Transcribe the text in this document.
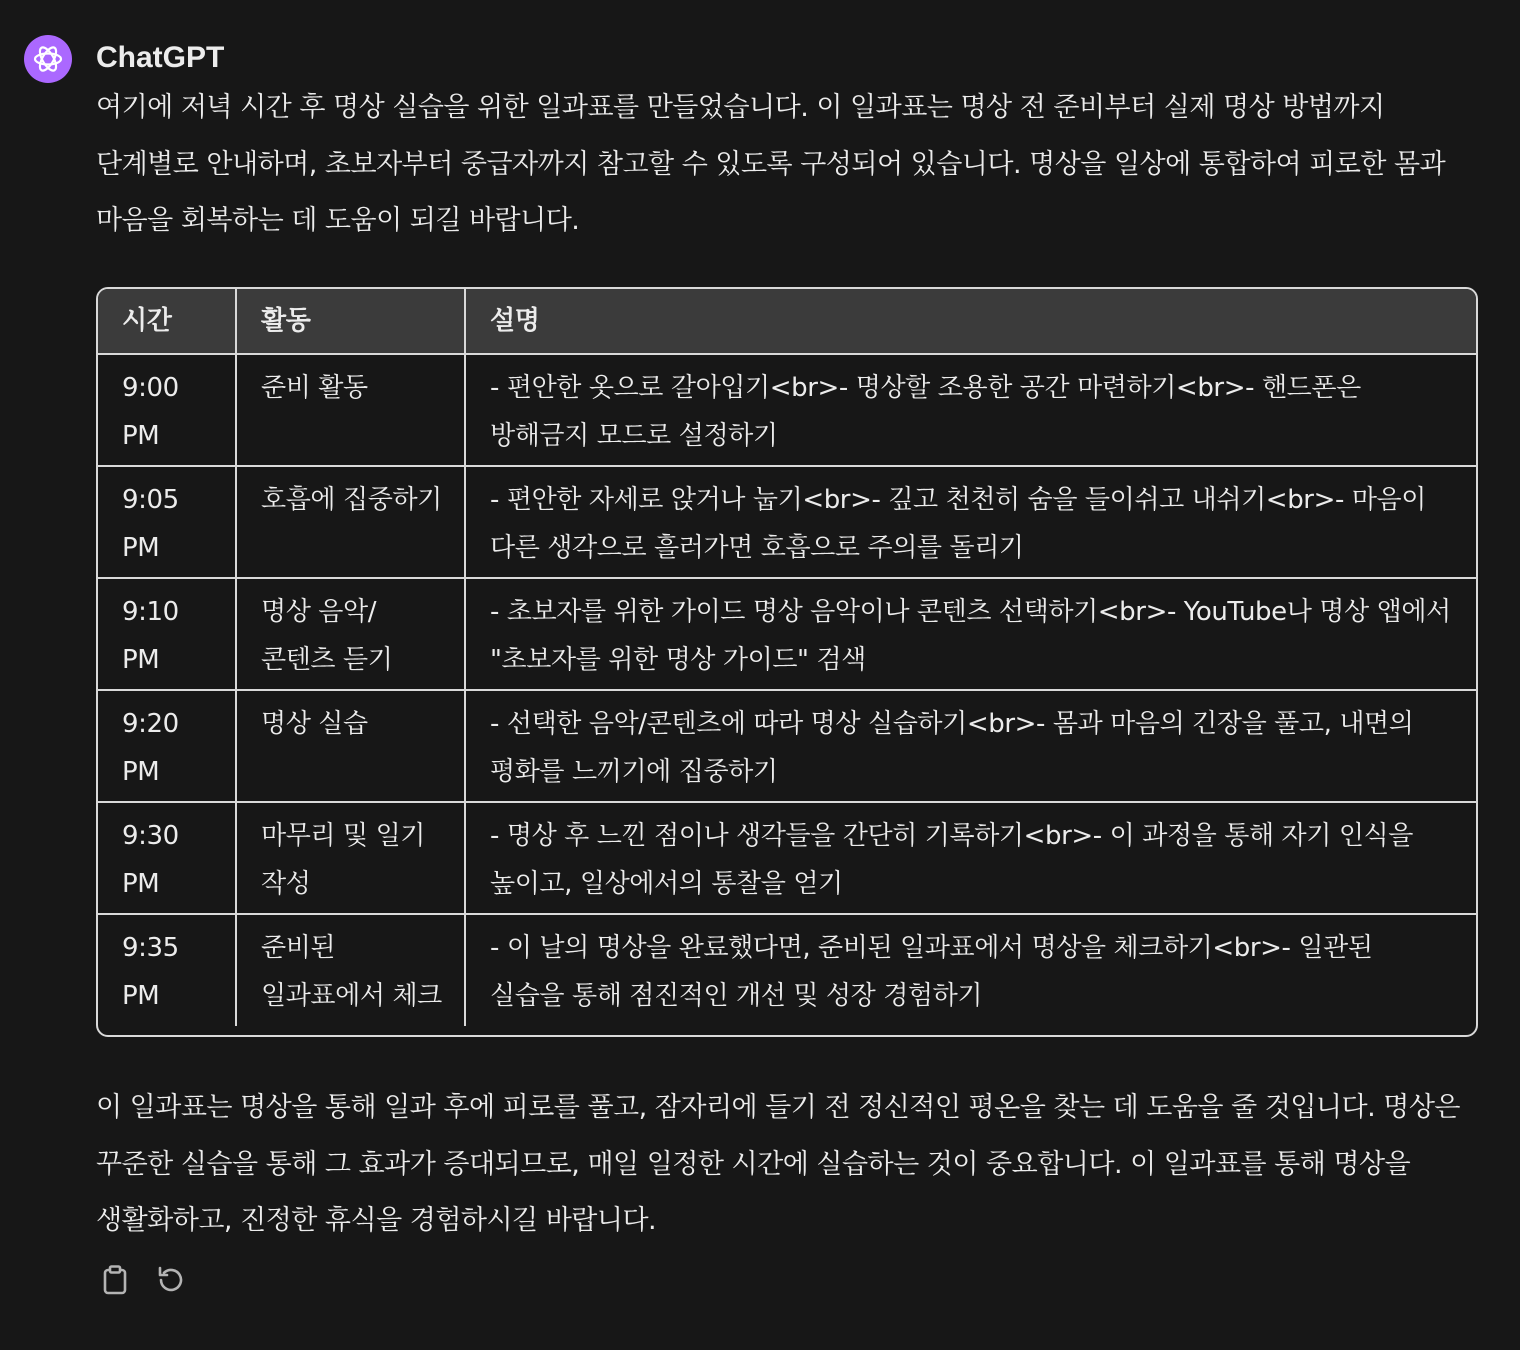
ChatGPT
여기에 저녁 시간 후 명상 실습을 위한 일과표를 만들었습니다. 이 일과표는 명상 전 준비부터 실제 명상 방법까지 단계별로 안내하며, 초보자부터 중급자까지 참고할 수 있도록 구성되어 있습니다. 명상을 일상에 통합하여 피로한 몸과 마음을 회복하는 데 도움이 되길 바랍니다.
시간	활동	설명
9:00 PM	준비 활동	- 편안한 옷으로 갈아입기<br>- 명상할 조용한 공간 마련하기<br>- 핸드폰은 방해금지 모드로 설정하기
9:05 PM	호흡에 집중하기	- 편안한 자세로 앉거나 눕기<br>- 깊고 천천히 숨을 들이쉬고 내쉬기<br>- 마음이 다른 생각으로 흘러가면 호흡으로 주의를 돌리기
9:10 PM	명상 음악/콘텐츠 듣기	- 초보자를 위한 가이드 명상 음악이나 콘텐츠 선택하기<br>- YouTube나 명상 앱에서 "초보자를 위한 명상 가이드" 검색
9:20 PM	명상 실습	- 선택한 음악/콘텐츠에 따라 명상 실습하기<br>- 몸과 마음의 긴장을 풀고, 내면의 평화를 느끼기에 집중하기
9:30 PM	마무리 및 일기 작성	- 명상 후 느낀 점이나 생각들을 간단히 기록하기<br>- 이 과정을 통해 자기 인식을 높이고, 일상에서의 통찰을 얻기
9:35 PM	준비된 일과표에서 체크	- 이 날의 명상을 완료했다면, 준비된 일과표에서 명상을 체크하기<br>- 일관된 실습을 통해 점진적인 개선 및 성장 경험하기
이 일과표는 명상을 통해 일과 후에 피로를 풀고, 잠자리에 들기 전 정신적인 평온을 찾는 데 도움을 줄 것입니다. 명상은 꾸준한 실습을 통해 그 효과가 증대되므로, 매일 일정한 시간에 실습하는 것이 중요합니다. 이 일과표를 통해 명상을 생활화하고, 진정한 휴식을 경험하시길 바랍니다.
